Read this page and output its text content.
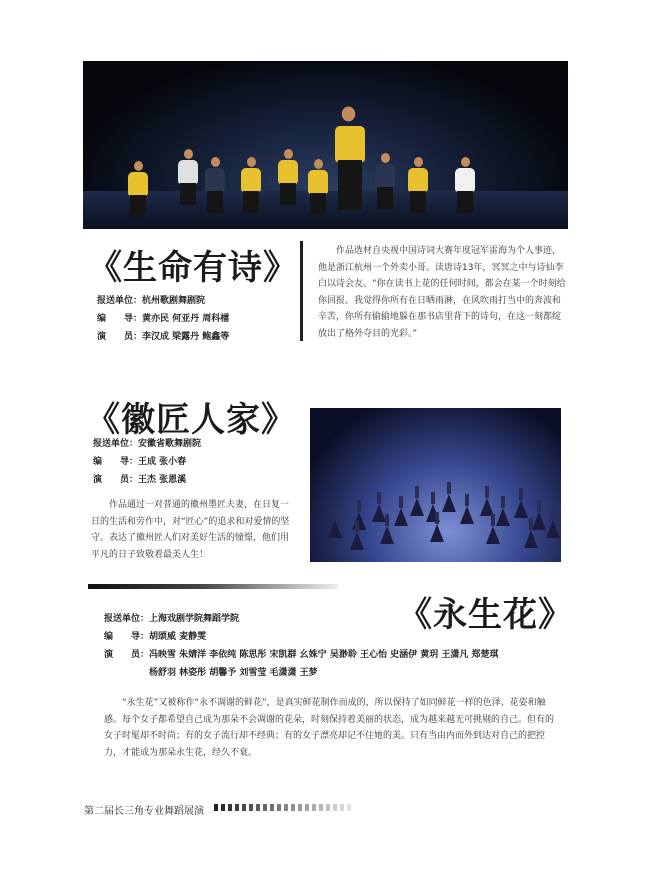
《生命有诗》
报送单位：杭州歌剧舞剧院
编　　导：黄亦民 何亚丹 周科檑
演　　员：李汉成 梁露丹 鲍鑫等
作品选材自央视中国诗词大赛年度冠军雷海为个人事迹，他是浙江杭州一个外卖小哥。读唐诗13年，冥冥之中与诗仙李白以诗会友。“你在读书上花的任何时间，都会在某一个时刻给你回报。我觉得你所有在日晒雨淋，在风吹雨打当中的奔波和辛苦，你所有偷偷地躲在那书店里背下的诗句，在这一刻都绽放出了格外夺目的光彩。”
《徽匠人家》
报送单位：安徽省歌舞剧院
编　　导：王成 张小春
演　　员：王杰 张恩溪
作品通过一对普通的徽州墨匠夫妻，在日复一日的生活和劳作中，对“匠心”的追求和对爱情的坚守。表达了徽州匠人们对美好生活的憧憬，他们用平凡的日子致敬着最美人生！
《永生花》
报送单位：上海戏剧学院舞蹈学院
编　　导：胡颂威 麦静雯
演　　员：冯映雪 朱婧洋 李依纯 陈思彤 宋凯群 幺姝宁 吴渺聆 王心怡 史涵伊 黄玥 王潇凡 郑楚琪
杨舒羽 林姿彤 胡馨予 刘雪莹 毛潇潇 王梦
“永生花”又被称作“永不凋谢的鲜花”，是真实鲜花制作而成的，所以保持了如同鲜花一样的色泽、花姿和触感。每个女子都希望自己成为那朵不会凋谢的花朵，时刻保持着美丽的状态，成为越来越无可挑剔的自己。但有的女子时髦却不时尚；有的女子流行却不经典；有的女子漂亮却记不住她的美。只有当由内而外到达对自己的把控力，才能成为那朵永生花，经久不衰。
第二届长三角专业舞蹈展演
